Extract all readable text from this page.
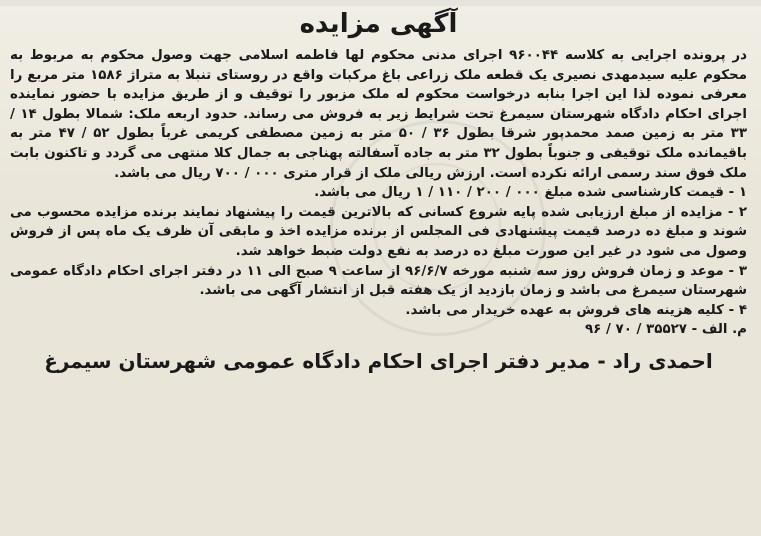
آگهی مزایده

در پرونده اجرایی به کلاسه ۹۶۰۰۴۴ اجرای مدنی محکوم لها فاطمه اسلامی جهت وصول محکوم به مربوط به محکوم علیه سیدمهدی نصیری یک قطعه ملک زراعی باغ مرکبات واقع در روستای تنبلا به متراژ ۱۵۸۶ متر مربع را معرفی نموده لذا این اجرا بنابه درخواست محکوم له ملک مزبور را توقیف و از طریق مزایده با حضور نماینده اجرای احکام دادگاه شهرستان سیمرغ تحت شرایط زیر به فروش می رساند. حدود اربعه ملک: شمالا بطول ۱۴ / ۳۳ متر به زمین صمد محمدپور شرقا بطول ۳۶ / ۵۰ متر به زمین مصطفی کریمی غرباً بطول ۵۲ / ۴۷ متر به باقیمانده ملک توقیفی و جنوباً بطول ۳۲ متر به جاده آسفالته پهناجی به جمال کلا منتهی می گردد و تاکنون بابت ملک فوق سند رسمی ارائه نکرده است. ارزش ریالی ملک از قرار متری ۰۰۰ / ۷۰۰ ریال می باشد.

۱ - قیمت کارشناسی شده مبلغ ۰۰۰ / ۲۰۰ / ۱۱۰ / ۱ ریال می باشد.

۲ - مزایده از مبلغ ارزیابی شده پایه شروع کسانی که بالاترین قیمت را پیشنهاد نمایند برنده مزایده محسوب می شوند و مبلغ ده درصد قیمت پیشنهادی فی المجلس از برنده مزایده اخذ و مابقی آن ظرف یک ماه پس از فروش وصول می شود در غیر این صورت مبلغ ده درصد به نفع دولت ضبط خواهد شد.

۳ - موعد و زمان فروش روز سه شنبه مورخه ۹۶/۶/۷ از ساعت ۹ صبح الی ۱۱ در دفتر اجرای احکام دادگاه عمومی شهرستان سیمرغ می باشد و زمان بازدید از یک هفته قبل از انتشار آگهی می باشد.

۴ - کلیه هزینه های فروش به عهده خریدار می باشد.

م. الف - ۳۵۵۲۷ / ۷۰ / ۹۶
احمدی راد - مدیر دفتر اجرای احکام دادگاه عمومی شهرستان سیمرغ
